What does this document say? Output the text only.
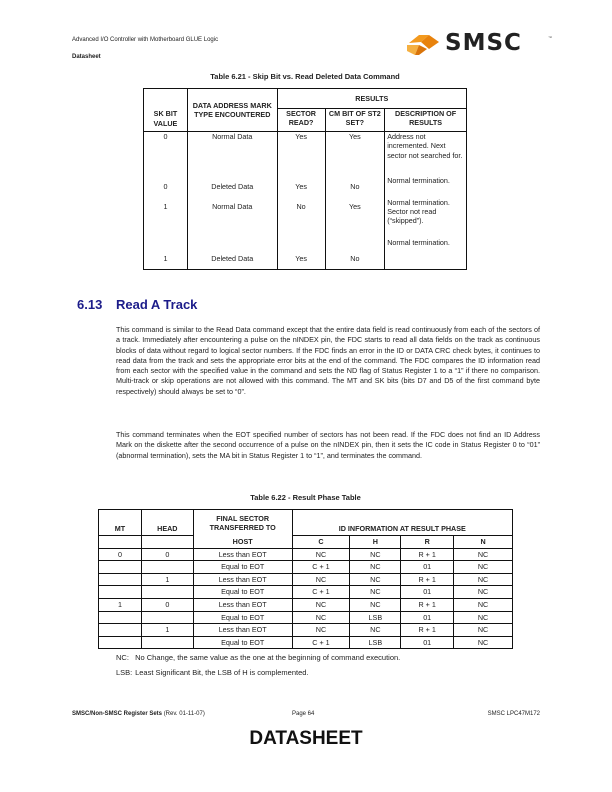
Advanced I/O Controller with Motherboard GLUE Logic
Datasheet
SMSC	™
Table 6.21 - Skip Bit vs. Read Deleted Data Command
SK BIT VALUE	DATA ADDRESS MARK TYPE ENCOUNTERED	RESULTS		
		SECTOR READ?	CM BIT OF ST2 SET?	DESCRIPTION OF RESULTS
0	Normal Data	Yes	Yes	Address not incremented. Next sector not searched for.
0	Deleted Data	Yes	No	Normal termination.
1	Normal Data	No	Yes	Normal termination. Sector not read (“skipped”).
1	Deleted Data	Yes	No	Normal termination.
6.13 Read A Track
This command is similar to the Read Data command except that the entire data field is read continuously from each of the sectors of a track. Immediately after encountering a pulse on the nINDEX pin, the FDC starts to read all data fields on the track as continuous blocks of data without regard to logical sector numbers. If the FDC finds an error in the ID or DATA CRC check bytes, it continues to read data from the track and sets the appropriate error bits at the end of the command. The FDC compares the ID information read from each sector with the specified value in the command and sets the ND flag of Status Register 1 to a “1” if there no comparison. Multi-track or skip operations are not allowed with this command. The MT and SK bits (bits D7 and D5 of the first command byte respectively) should always be set to “0”.
This command terminates when the EOT specified number of sectors has not been read. If the FDC does not find an ID Address Mark on the diskette after the second occurrence of a pulse on the nINDEX pin, then it sets the IC code in Status Register 0 to “01” (abnormal termination), sets the MA bit in Status Register 1 to “1”, and terminates the command.
Table 6.22 - Result Phase Table
MT	HEAD	FINAL SECTOR TRANSFERRED TO	ID INFORMATION AT RESULT PHASE			
		HOST	C	H	R	N
0	0	Less than EOT	NC	NC	R + 1	NC
		Equal to EOT	C + 1	NC	01	NC
	1	Less than EOT	NC	NC	R + 1	NC
		Equal to EOT	C + 1	NC	01	NC
1	0	Less than EOT	NC	NC	R + 1	NC
		Equal to EOT	NC	LSB	01	NC
	1	Less than EOT	NC	NC	R + 1	NC
		Equal to EOT	C + 1	LSB	01	NC
NC: No Change, the same value as the one at the beginning of command execution.
LSB: Least Significant Bit, the LSB of H is complemented.
SMSC/Non-SMSC Register Sets (Rev. 01-11-07)	Page 64	SMSC LPC47M172
DATASHEET
